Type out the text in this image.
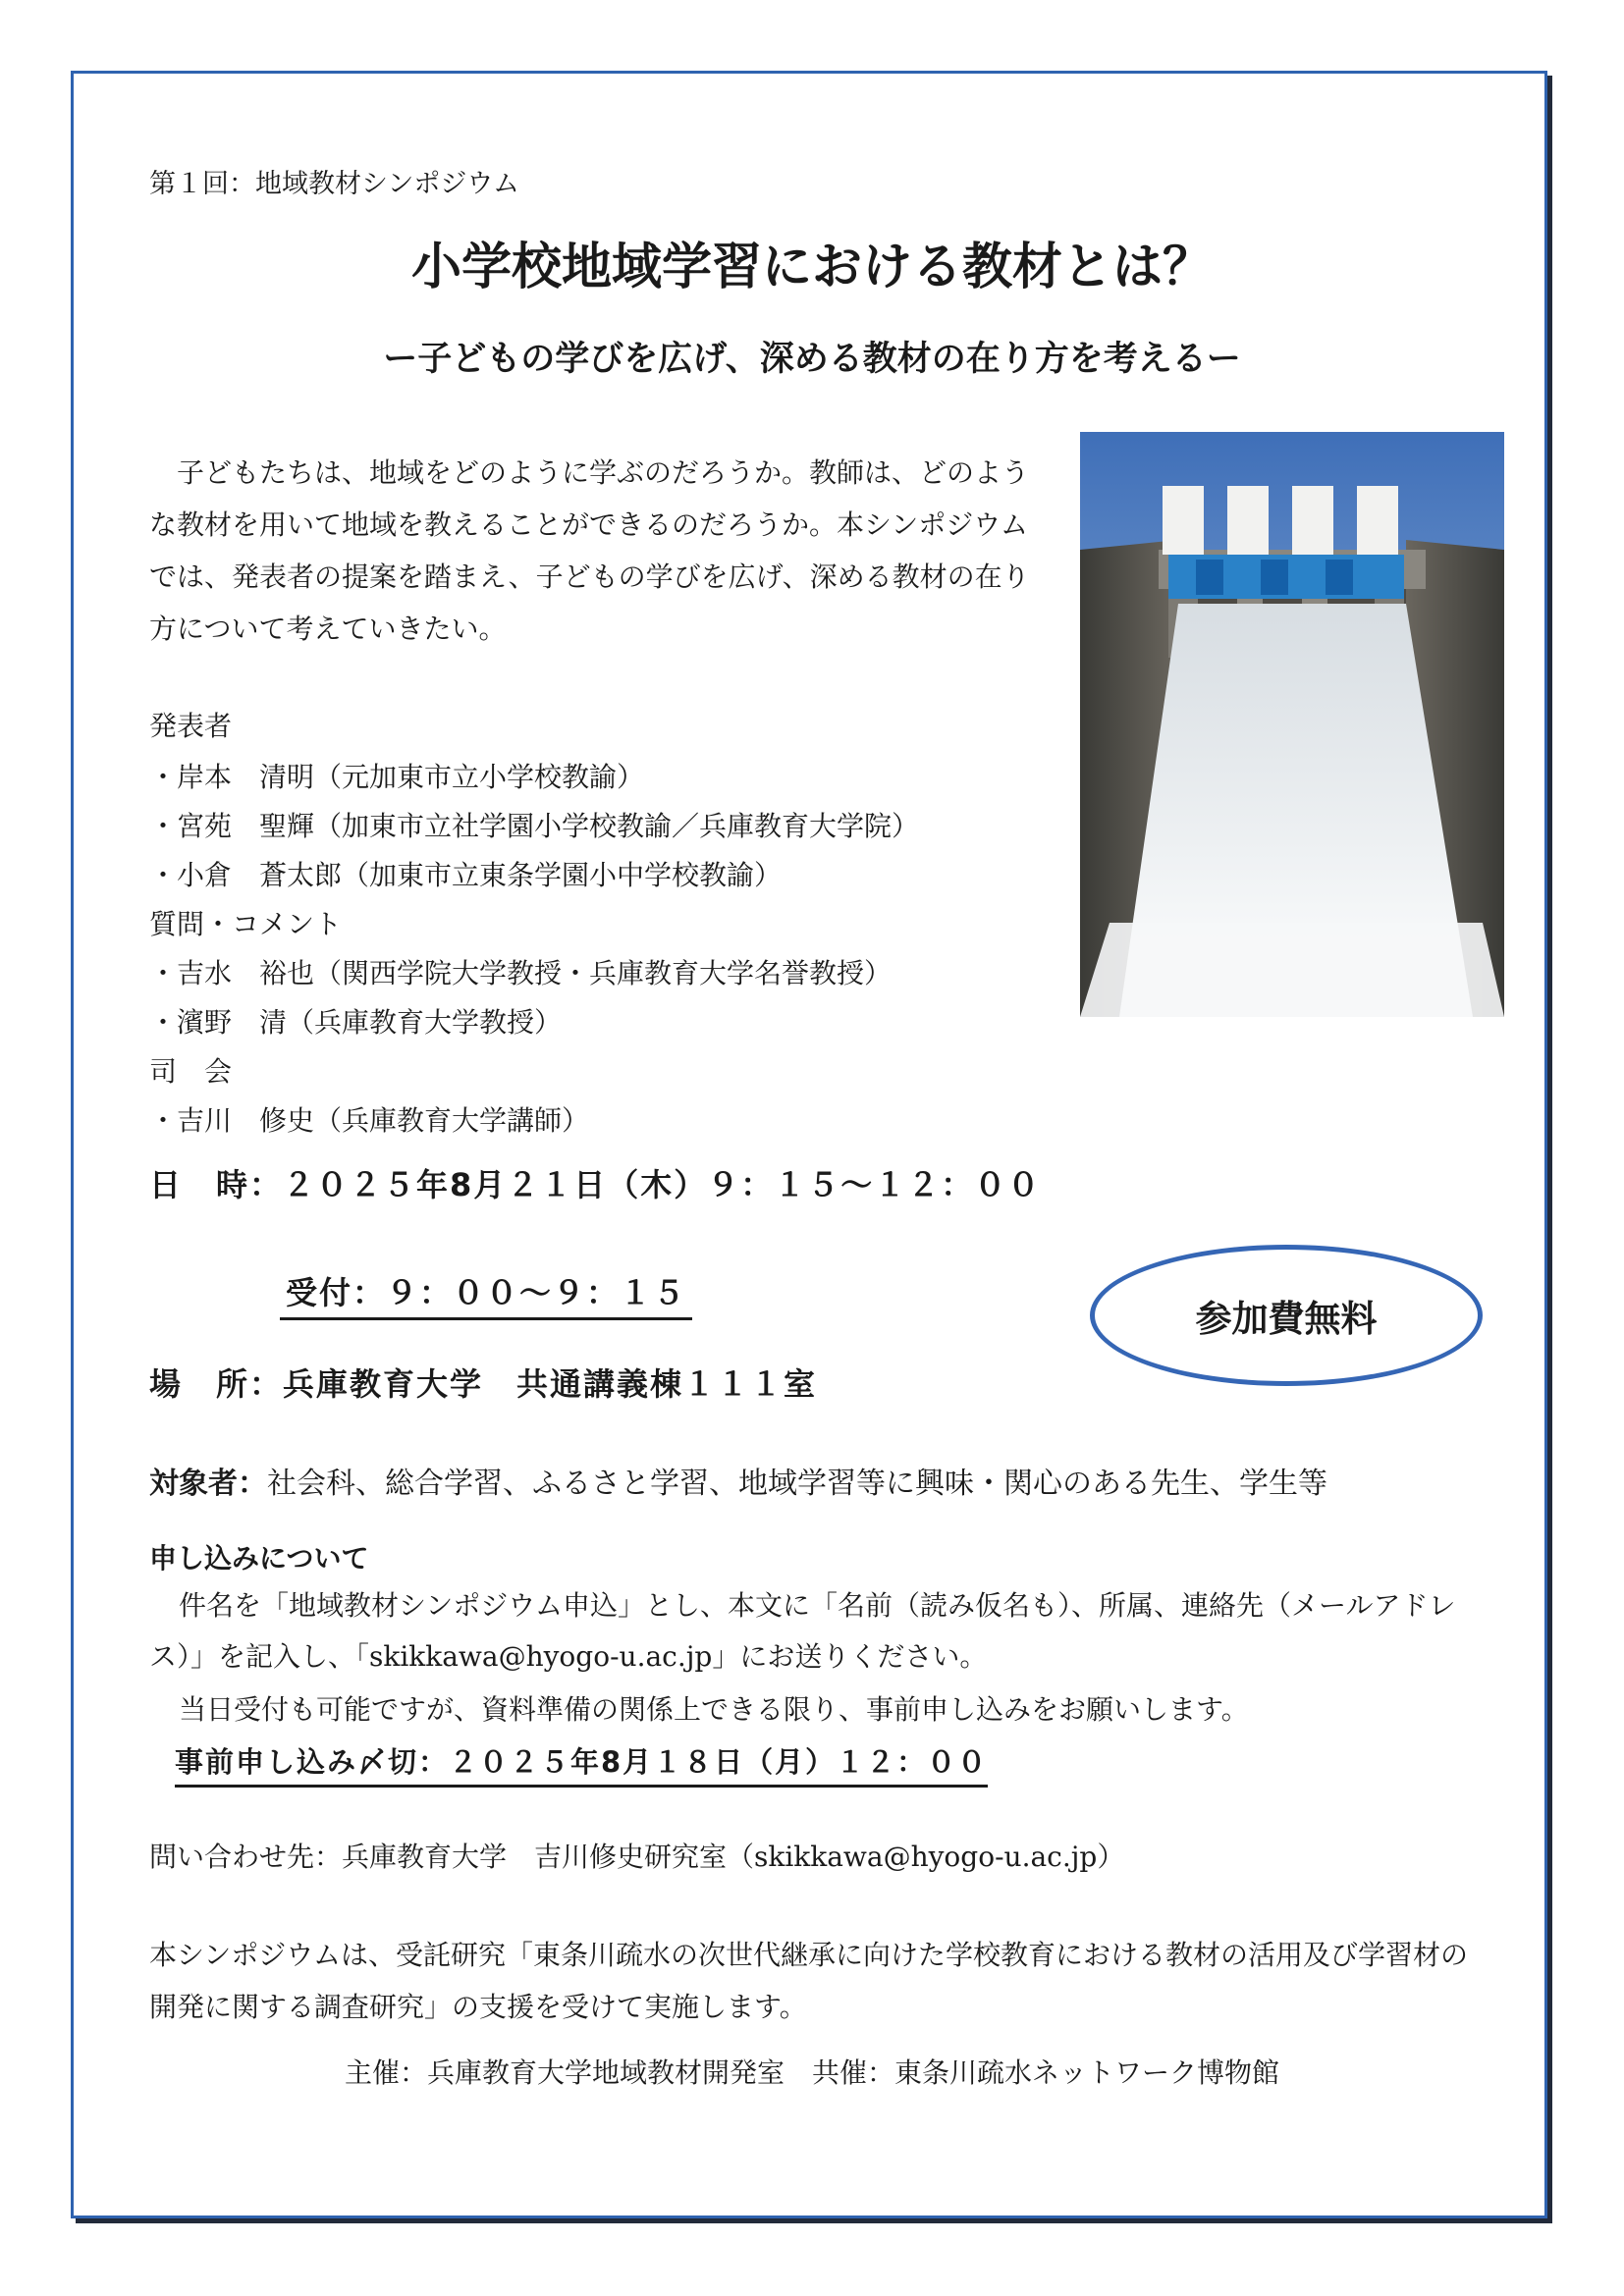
第１回：地域教材シンポジウム
小学校地域学習における教材とは？
ー子どもの学びを広げ、深める教材の在り方を考えるー
　子どもたちは、地域をどのように学ぶのだろうか。教師は、どのような教材を用いて地域を教えることができるのだろうか。本シンポジウムでは、発表者の提案を踏まえ、子どもの学びを広げ、深める教材の在り方について考えていきたい。
発表者
・岸本　清明（元加東市立小学校教諭）
・宮苑　聖輝（加東市立社学園小学校教諭／兵庫教育大学院）
・小倉　蒼太郎（加東市立東条学園小中学校教諭）
質問・コメント
・吉水　裕也（関西学院大学教授・兵庫教育大学名誉教授）
・濱野　清（兵庫教育大学教授）
司　会
・吉川　修史（兵庫教育大学講師）
日　時：２０２５年8月２１日（木）９：１５～１２：００
受付：９：００～９：１５
参加費無料
場　所：兵庫教育大学　共通講義棟１１１室
対象者：社会科、総合学習、ふるさと学習、地域学習等に興味・関心のある先生、学生等
申し込みについて
件名を「地域教材シンポジウム申込」とし、本文に「名前（読み仮名も）、所属、連絡先（メールアドレス）」を記入し、「skikkawa@hyogo-u.ac.jp」にお送りください。
当日受付も可能ですが、資料準備の関係上できる限り、事前申し込みをお願いします。
事前申し込み〆切：２０２５年8月１８日（月）１２：００
問い合わせ先：兵庫教育大学　吉川修史研究室（skikkawa@hyogo-u.ac.jp）
本シンポジウムは、受託研究「東条川疏水の次世代継承に向けた学校教育における教材の活用及び学習材の開発に関する調査研究」の支援を受けて実施します。
主催：兵庫教育大学地域教材開発室　共催：東条川疏水ネットワーク博物館
